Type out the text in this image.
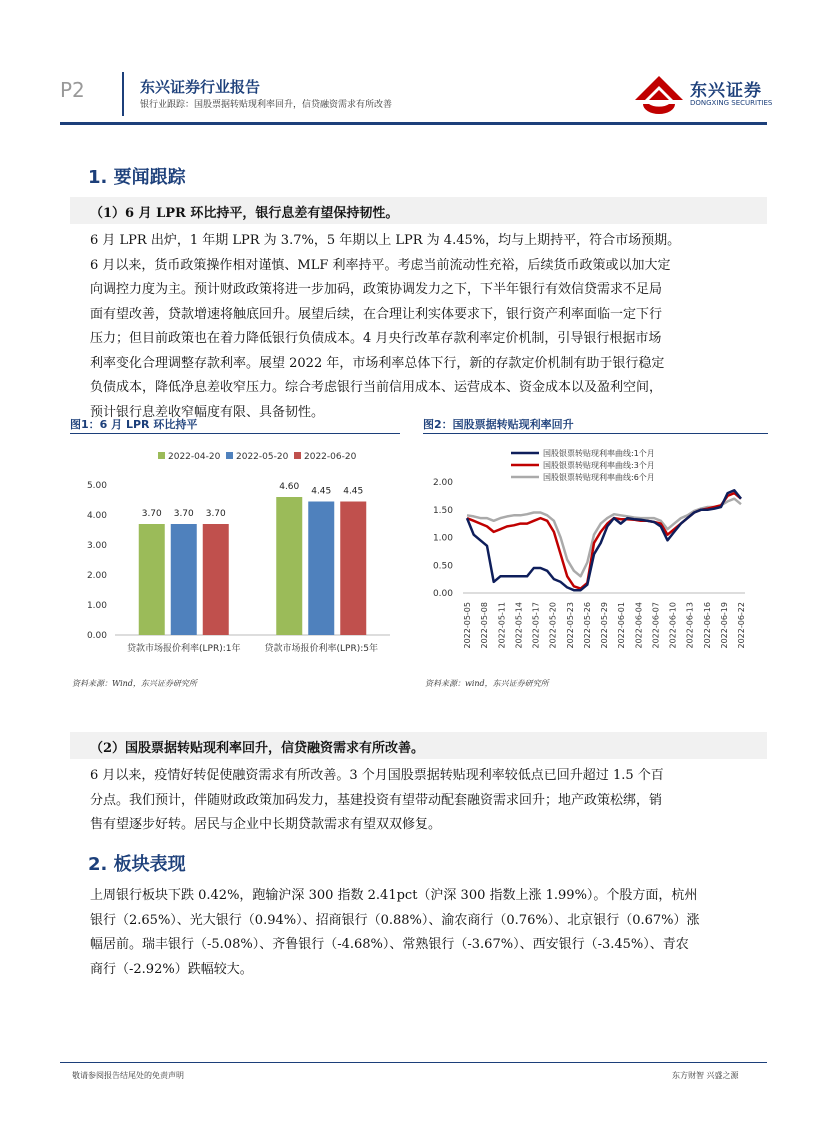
P2	东兴证券行业报告
银行业跟踪：国股票据转贴现利率回升，信贷融资需求有所改善
东兴证券
DONGXING SECURITIES
1. 要闻跟踪
（1）6 月 LPR 环比持平，银行息差有望保持韧性。
6 月 LPR 出炉，1 年期 LPR 为 3.7%，5 年期以上 LPR 为 4.45%，均与上期持平，符合市场预期。
6 月以来，货币政策操作相对谨慎、MLF 利率持平。考虑当前流动性充裕，后续货币政策或以加大定
向调控力度为主。预计财政政策将进一步加码，政策协调发力之下，下半年银行有效信贷需求不足局
面有望改善，贷款增速将触底回升。展望后续，在合理让利实体要求下，银行资产利率面临一定下行
压力；但目前政策也在着力降低银行负债成本。4 月央行改革存款利率定价机制，引导银行根据市场
利率变化合理调整存款利率。展望 2022 年，市场利率总体下行，新的存款定价机制有助于银行稳定
负债成本，降低净息差收窄压力。综合考虑银行当前信用成本、运营成本、资金成本以及盈利空间，
预计银行息差收窄幅度有限、具备韧性。
图1：6 月 LPR 环比持平	图2：国股票据转贴现利率回升
2022-04-20 2022-05-20 2022-06-20
5.00
4.00
3.00
2.00
1.00
0.00
3.70 3.70 3.70
贷款市场报价利率(LPR):1年
4.60 4.45 4.45
贷款市场报价利率(LPR):5年
国股银票转贴现利率曲线:1个月
国股银票转贴现利率曲线:3个月
国股银票转贴现利率曲线:6个月
2.00
1.50
1.00
0.50
0.00
2022-05-05 2022-05-08 2022-05-11 2022-05-14 2022-05-17 2022-05-20 2022-05-23 2022-05-26 2022-05-29 2022-06-01 2022-06-04 2022-06-07 2022-06-10 2022-06-13 2022-06-16 2022-06-19 2022-06-22
资料来源：Wind，东兴证券研究所	资料来源：wind，东兴证券研究所
（2）国股票据转贴现利率回升，信贷融资需求有所改善。
6 月以来，疫情好转促使融资需求有所改善。3 个月国股票据转贴现利率较低点已回升超过 1.5 个百
分点。我们预计，伴随财政政策加码发力，基建投资有望带动配套融资需求回升；地产政策松绑，销
售有望逐步好转。居民与企业中长期贷款需求有望双双修复。
2. 板块表现
上周银行板块下跌 0.42%，跑输沪深 300 指数 2.41pct（沪深 300 指数上涨 1.99%）。个股方面，杭州
银行（2.65%）、光大银行（0.94%）、招商银行（0.88%）、渝农商行（0.76%）、北京银行（0.67%）涨
幅居前。瑞丰银行（-5.08%）、齐鲁银行（-4.68%）、常熟银行（-3.67%）、西安银行（-3.45%）、青农
商行（-2.92%）跌幅较大。
敬请参阅报告结尾处的免责声明	东方财智 兴盛之源
